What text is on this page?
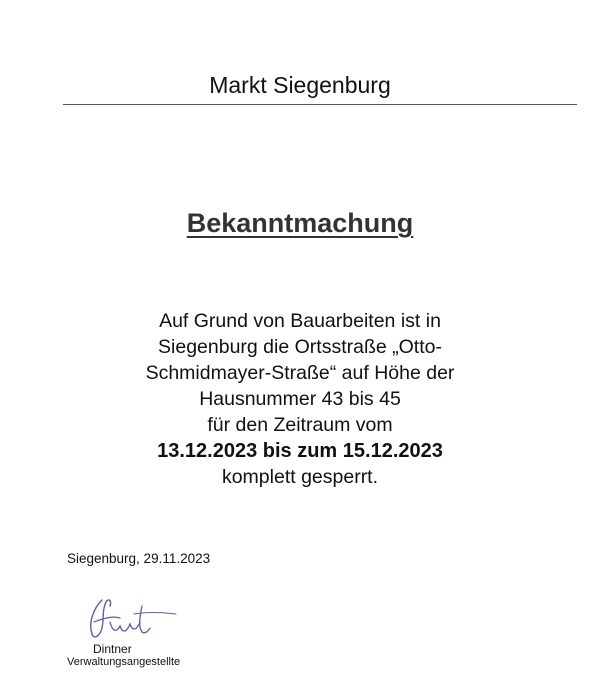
Markt Siegenburg
Bekanntmachung
Auf Grund von Bauarbeiten ist in
Siegenburg die Ortsstraße „Otto-
Schmidmayer-Straße“ auf Höhe der
Hausnummer 43 bis 45
für den Zeitraum vom
13.12.2023 bis zum 15.12.2023
komplett gesperrt.
Siegenburg, 29.11.2023
Dintner
Verwaltungsangestellte
